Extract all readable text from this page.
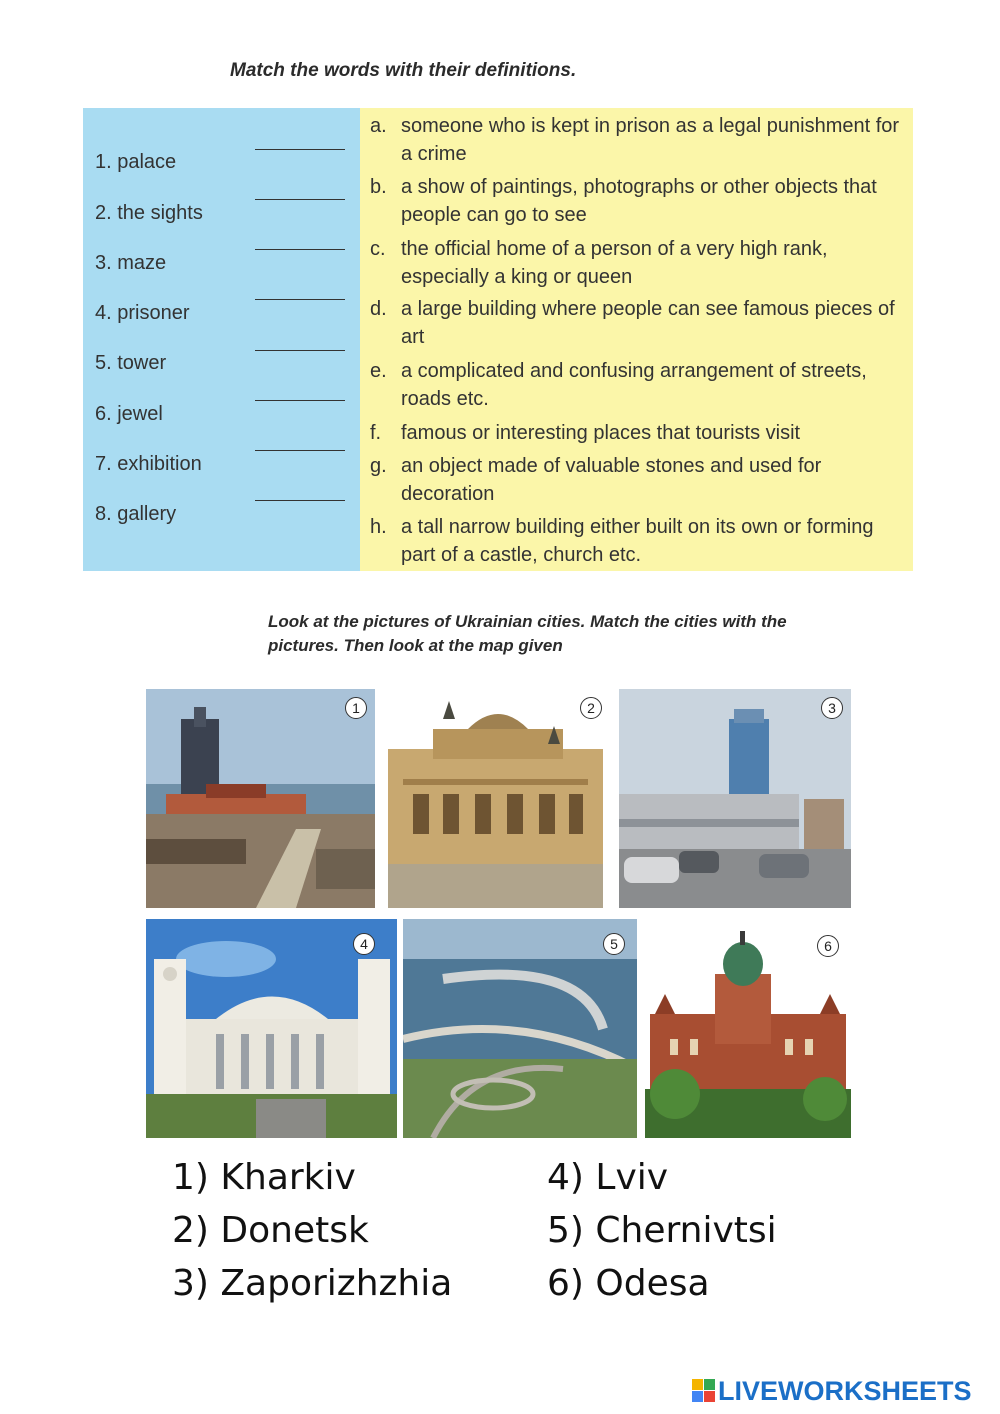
Match the words with their definitions.
1. palace
2. the sights
3. maze
4. prisoner
5. tower
6. jewel
7. exhibition
8. gallery
a. someone who is kept in prison as a legal punishment for a crime
b. a show of paintings, photographs or other objects that people can go to see
c. the official home of a person of a very high rank, especially a king or queen
d. a large building where people can see famous pieces of art
e. a complicated and confusing arrangement of streets, roads etc.
f. famous or interesting places that tourists visit
g. an object made of valuable stones and used for decoration
h. a tall narrow building either built on its own or forming part of a castle, church etc.
Look at the pictures of Ukrainian cities. Match the cities with the pictures. Then look at the map given
1	2	3
4	5	6
1) Kharkiv
2) Donetsk
3) Zaporizhzhia
4) Lviv
5) Chernivtsi
6) Odesa
LIVEWORKSHEETS
